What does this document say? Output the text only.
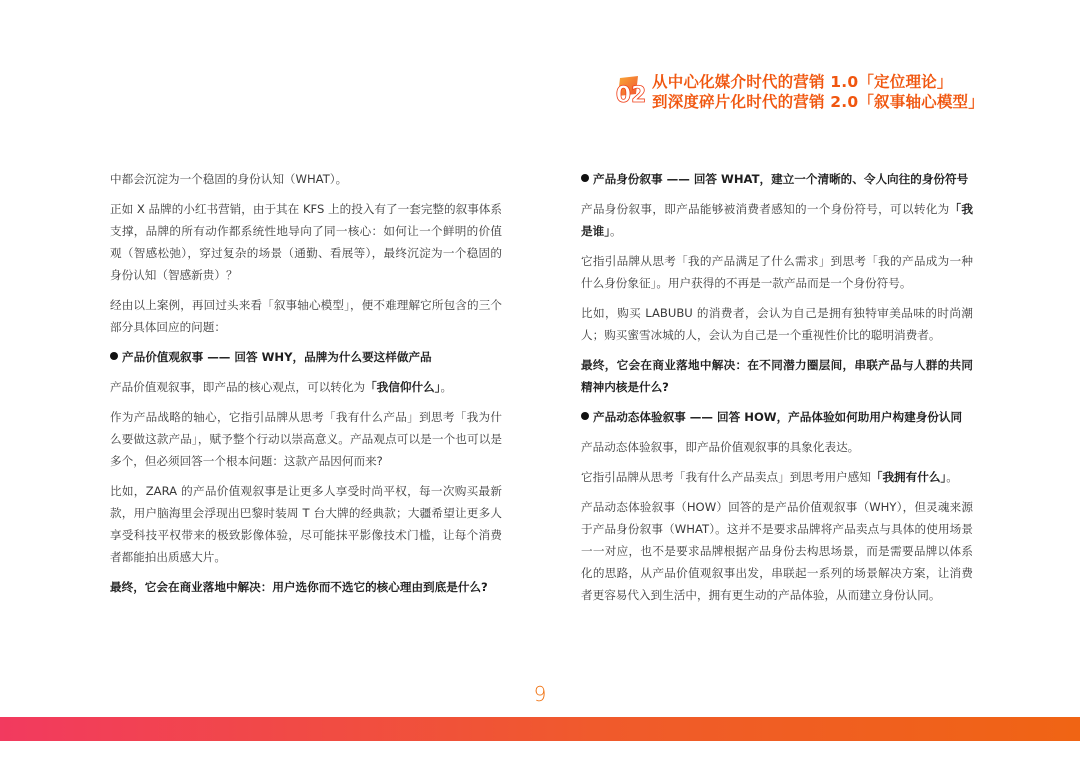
02
从中心化媒介时代的营销 1.0「定位理论」
到深度碎片化时代的营销 2.0「叙事轴心模型」

中都会沉淀为一个稳固的身份认知（WHAT）。

正如 X 品牌的小红书营销，由于其在 KFS 上的投入有了一套完整的叙事体系支撑，品牌的所有动作都系统性地导向了同一核心：如何让一个鲜明的价值观（智感松弛），穿过复杂的场景（通勤、看展等），最终沉淀为一个稳固的身份认知（智感新贵）？

经由以上案例，再回过头来看「叙事轴心模型」，便不难理解它所包含的三个部分具体回应的问题：

产品价值观叙事 —— 回答 WHY，品牌为什么要这样做产品

产品价值观叙事，即产品的核心观点，可以转化为「我信仰什么」。

作为产品战略的轴心，它指引品牌从思考「我有什么产品」到思考「我为什么要做这款产品」，赋予整个行动以崇高意义。产品观点可以是一个也可以是多个，但必须回答一个根本问题：这款产品因何而来?

比如，ZARA 的产品价值观叙事是让更多人享受时尚平权，每一次购买最新款，用户脑海里会浮现出巴黎时装周 T 台大牌的经典款；大疆希望让更多人享受科技平权带来的极致影像体验，尽可能抹平影像技术门槛，让每个消费者都能拍出质感大片。

最终，它会在商业落地中解决：用户选你而不选它的核心理由到底是什么?

产品身份叙事 —— 回答 WHAT，建立一个清晰的、令人向往的身份符号

产品身份叙事，即产品能够被消费者感知的一个身份符号，可以转化为「我是谁」。

它指引品牌从思考「我的产品满足了什么需求」到思考「我的产品成为一种什么身份象征」。用户获得的不再是一款产品而是一个身份符号。

比如，购买 LABUBU 的消费者，会认为自己是拥有独特审美品味的时尚潮人；购买蜜雪冰城的人，会认为自己是一个重视性价比的聪明消费者。

最终，它会在商业落地中解决：在不同潜力圈层间，串联产品与人群的共同精神内核是什么?

产品动态体验叙事 —— 回答 HOW，产品体验如何助用户构建身份认同

产品动态体验叙事，即产品价值观叙事的具象化表达。

它指引品牌从思考「我有什么产品卖点」到思考用户感知「我拥有什么」。

产品动态体验叙事（HOW）回答的是产品价值观叙事（WHY），但灵魂来源于产品身份叙事（WHAT）。这并不是要求品牌将产品卖点与具体的使用场景一一对应，也不是要求品牌根据产品身份去构思场景，而是需要品牌以体系化的思路，从产品价值观叙事出发，串联起一系列的场景解决方案，让消费者更容易代入到生活中，拥有更生动的产品体验，从而建立身份认同。

9
